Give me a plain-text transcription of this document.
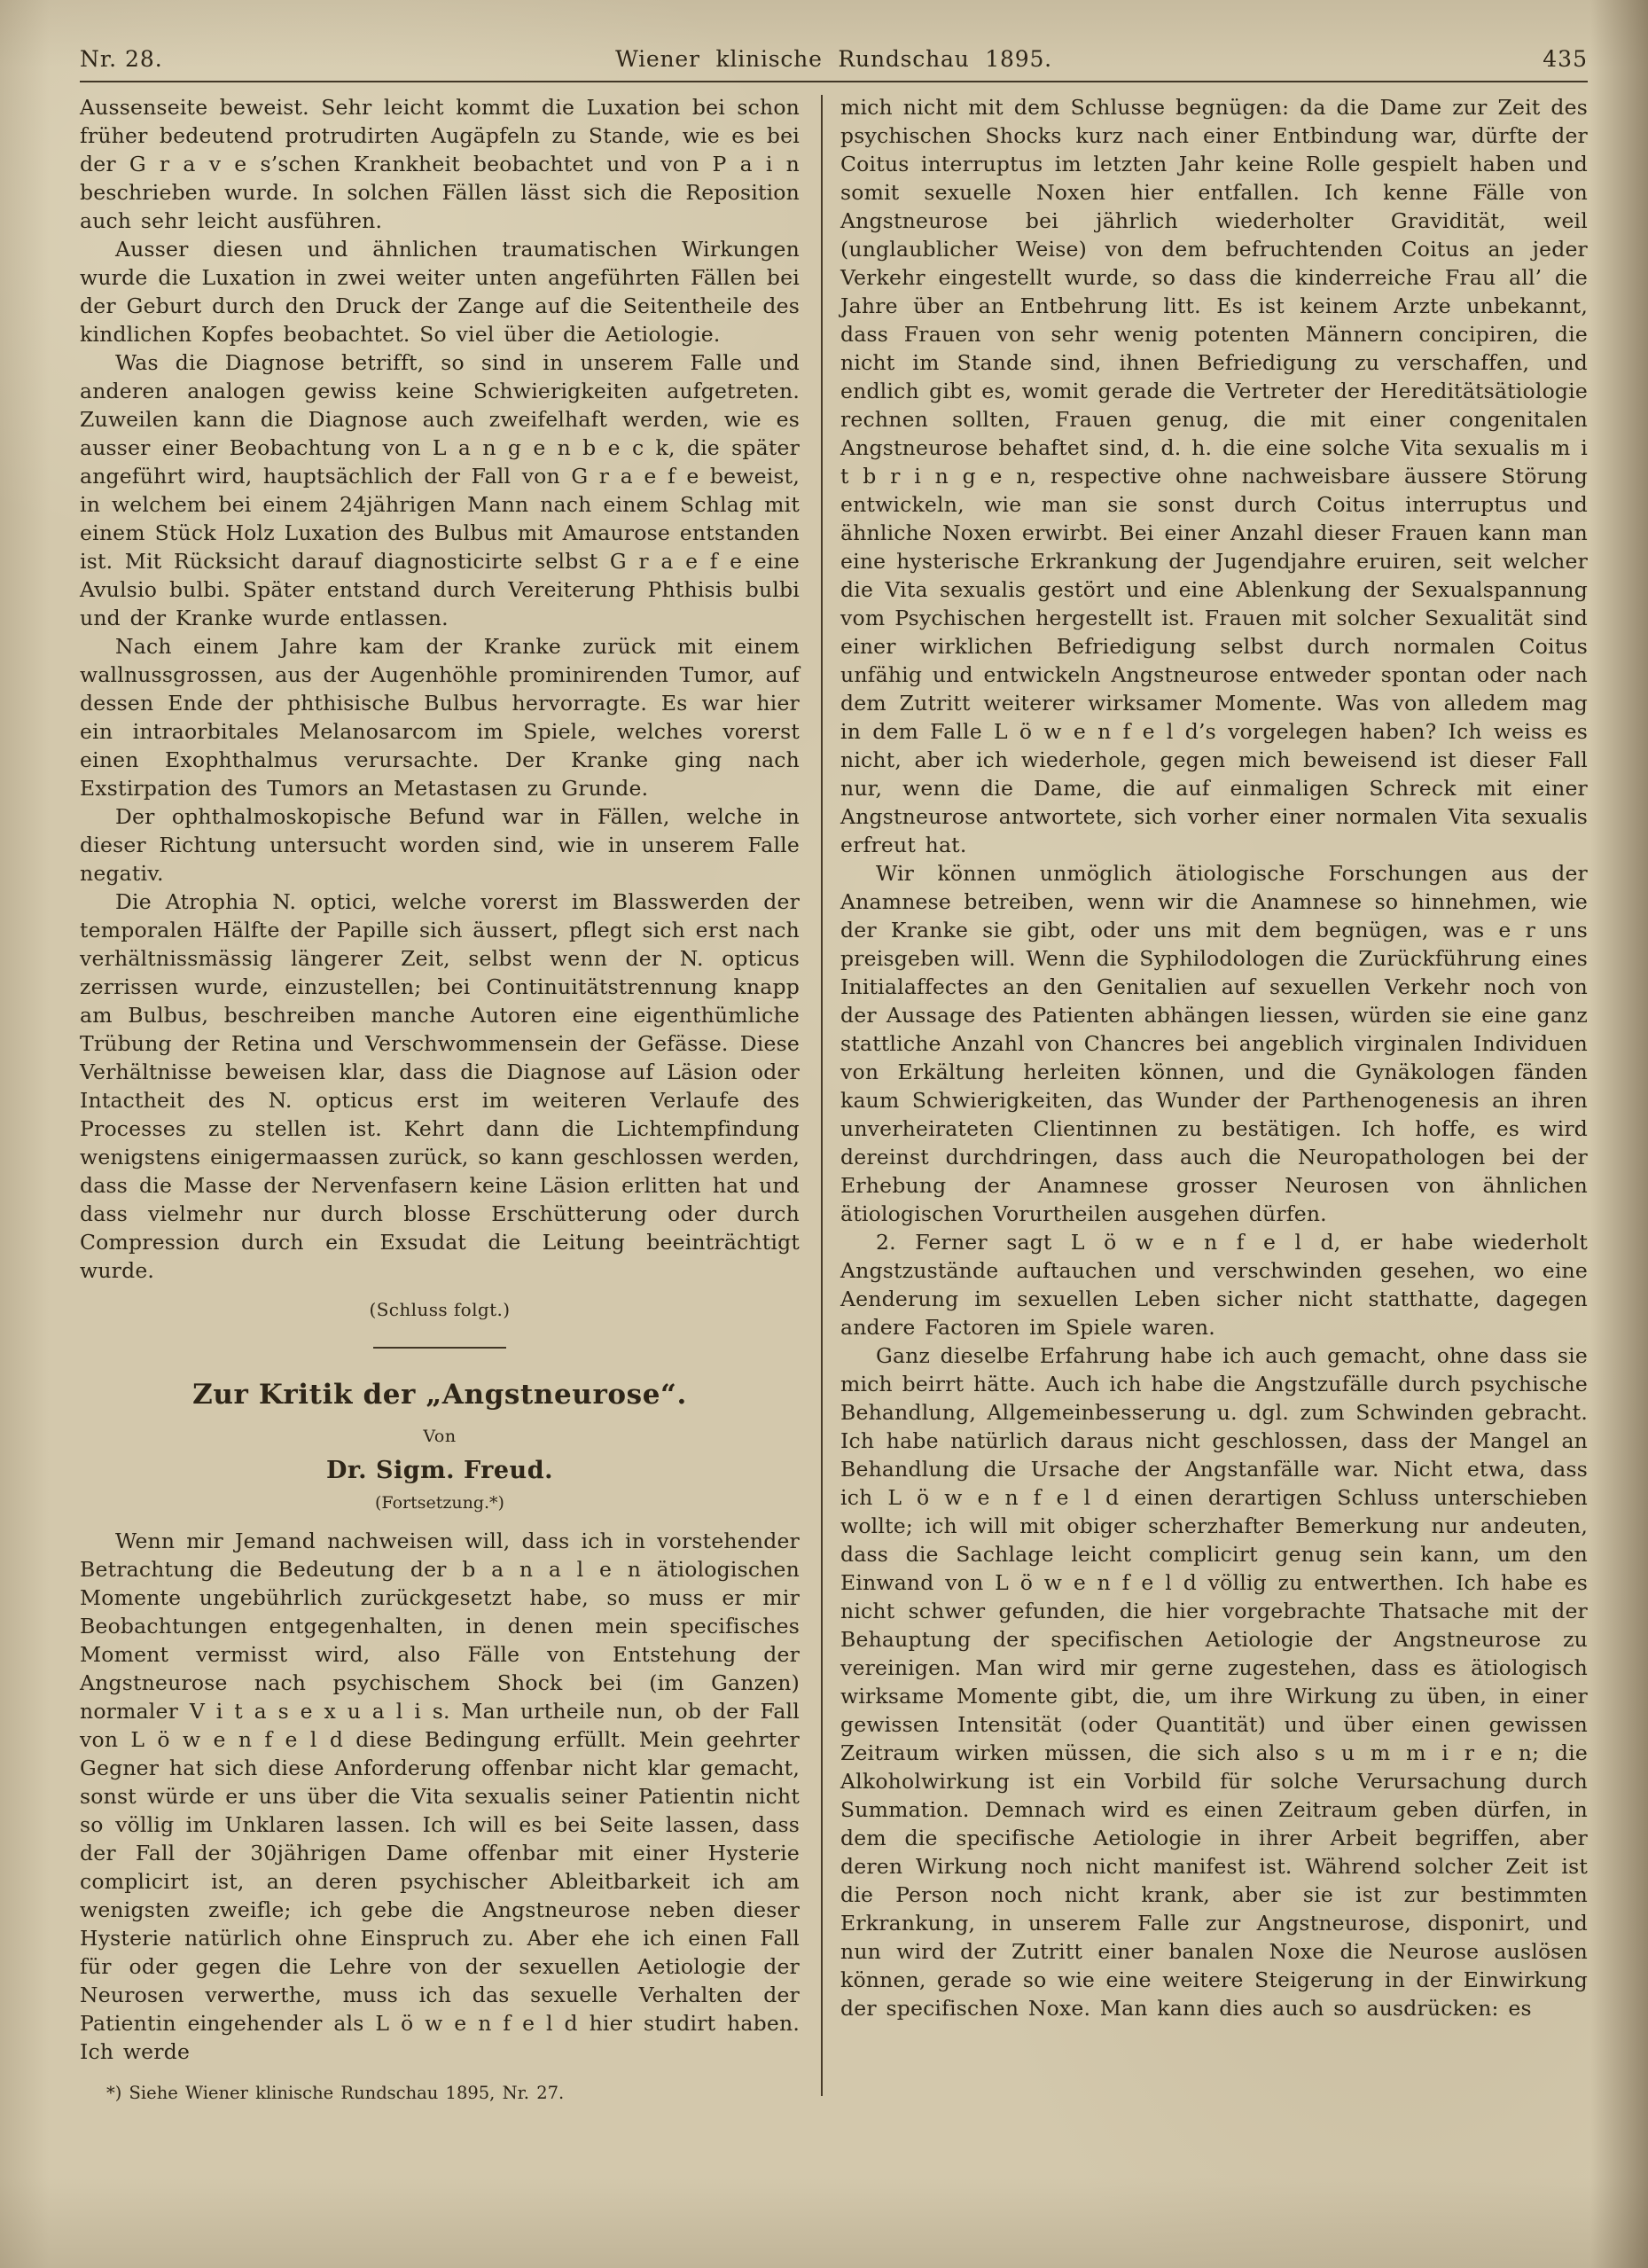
Nr. 28.	Wiener klinische Rundschau 1895.	435

Aussenseite beweist. Sehr leicht kommt die Luxation bei schon früher bedeutend protrudirten Augäpfeln zu Stande, wie es bei der G r a v e s’schen Krankheit beobachtet und von P a i n beschrieben wurde. In solchen Fällen lässt sich die Reposition auch sehr leicht ausführen.

Ausser diesen und ähnlichen traumatischen Wirkungen wurde die Luxation in zwei weiter unten angeführten Fällen bei der Geburt durch den Druck der Zange auf die Seitentheile des kindlichen Kopfes beobachtet. So viel über die Aetiologie.

Was die Diagnose betrifft, so sind in unserem Falle und anderen analogen gewiss keine Schwierigkeiten aufgetreten. Zuweilen kann die Diagnose auch zweifelhaft werden, wie es ausser einer Beobachtung von L a n g e n b e c k, die später angeführt wird, hauptsächlich der Fall von G r a e f e beweist, in welchem bei einem 24jährigen Mann nach einem Schlag mit einem Stück Holz Luxation des Bulbus mit Amaurose entstanden ist. Mit Rücksicht darauf diagnosticirte selbst G r a e f e eine Avulsio bulbi. Später entstand durch Vereiterung Phthisis bulbi und der Kranke wurde entlassen.

Nach einem Jahre kam der Kranke zurück mit einem wallnussgrossen, aus der Augenhöhle prominirenden Tumor, auf dessen Ende der phthisische Bulbus hervorragte. Es war hier ein intraorbitales Melanosarcom im Spiele, welches vorerst einen Exophthalmus verursachte. Der Kranke ging nach Exstirpation des Tumors an Metastasen zu Grunde.

Der ophthalmoskopische Befund war in Fällen, welche in dieser Richtung untersucht worden sind, wie in unserem Falle negativ.

Die Atrophia N. optici, welche vorerst im Blasswerden der temporalen Hälfte der Papille sich äussert, pflegt sich erst nach verhältnissmässig längerer Zeit, selbst wenn der N. opticus zerrissen wurde, einzustellen; bei Continuitätstrennung knapp am Bulbus, beschreiben manche Autoren eine eigenthümliche Trübung der Retina und Verschwommensein der Gefässe. Diese Verhältnisse beweisen klar, dass die Diagnose auf Läsion oder Intactheit des N. opticus erst im weiteren Verlaufe des Processes zu stellen ist. Kehrt dann die Lichtempfindung wenigstens einigermaassen zurück, so kann geschlossen werden, dass die Masse der Nervenfasern keine Läsion erlitten hat und dass vielmehr nur durch blosse Erschütterung oder durch Compression durch ein Exsudat die Leitung beeinträchtigt wurde.

(Schluss folgt.)

Zur Kritik der „Angstneurose“.

Von

Dr. Sigm. Freud.

(Fortsetzung.*)

Wenn mir Jemand nachweisen will, dass ich in vorstehender Betrachtung die Bedeutung der b a n a l e n ätiologischen Momente ungebührlich zurückgesetzt habe, so muss er mir Beobachtungen entgegenhalten, in denen mein specifisches Moment vermisst wird, also Fälle von Entstehung der Angstneurose nach psychischem Shock bei (im Ganzen) normaler V i t a s e x u a l i s. Man urtheile nun, ob der Fall von L ö w e n f e l d diese Bedingung erfüllt. Mein geehrter Gegner hat sich diese Anforderung offenbar nicht klar gemacht, sonst würde er uns über die Vita sexualis seiner Patientin nicht so völlig im Unklaren lassen. Ich will es bei Seite lassen, dass der Fall der 30jährigen Dame offenbar mit einer Hysterie complicirt ist, an deren psychischer Ableitbarkeit ich am wenigsten zweifle; ich gebe die Angstneurose neben dieser Hysterie natürlich ohne Einspruch zu. Aber ehe ich einen Fall für oder gegen die Lehre von der sexuellen Aetiologie der Neurosen verwerthe, muss ich das sexuelle Verhalten der Patientin eingehender als L ö w e n f e l d hier studirt haben. Ich werde

*) Siehe Wiener klinische Rundschau 1895, Nr. 27.

mich nicht mit dem Schlusse begnügen: da die Dame zur Zeit des psychischen Shocks kurz nach einer Entbindung war, dürfte der Coitus interruptus im letzten Jahr keine Rolle gespielt haben und somit sexuelle Noxen hier entfallen. Ich kenne Fälle von Angstneurose bei jährlich wiederholter Gravidität, weil (unglaublicher Weise) von dem befruchtenden Coitus an jeder Verkehr eingestellt wurde, so dass die kinderreiche Frau all’ die Jahre über an Entbehrung litt. Es ist keinem Arzte unbekannt, dass Frauen von sehr wenig potenten Männern concipiren, die nicht im Stande sind, ihnen Befriedigung zu verschaffen, und endlich gibt es, womit gerade die Vertreter der Hereditätsätiologie rechnen sollten, Frauen genug, die mit einer congenitalen Angstneurose behaftet sind, d. h. die eine solche Vita sexualis m i t b r i n g e n, respective ohne nachweisbare äussere Störung entwickeln, wie man sie sonst durch Coitus interruptus und ähnliche Noxen erwirbt. Bei einer Anzahl dieser Frauen kann man eine hysterische Erkrankung der Jugendjahre eruiren, seit welcher die Vita sexualis gestört und eine Ablenkung der Sexualspannung vom Psychischen hergestellt ist. Frauen mit solcher Sexualität sind einer wirklichen Befriedigung selbst durch normalen Coitus unfähig und entwickeln Angstneurose entweder spontan oder nach dem Zutritt weiterer wirksamer Momente. Was von alledem mag in dem Falle L ö w e n f e l d’s vorgelegen haben? Ich weiss es nicht, aber ich wiederhole, gegen mich beweisend ist dieser Fall nur, wenn die Dame, die auf einmaligen Schreck mit einer Angstneurose antwortete, sich vorher einer normalen Vita sexualis erfreut hat.

Wir können unmöglich ätiologische Forschungen aus der Anamnese betreiben, wenn wir die Anamnese so hinnehmen, wie der Kranke sie gibt, oder uns mit dem begnügen, was e r uns preisgeben will. Wenn die Syphilodologen die Zurückführung eines Initialaffectes an den Genitalien auf sexuellen Verkehr noch von der Aussage des Patienten abhängen liessen, würden sie eine ganz stattliche Anzahl von Chancres bei angeblich virginalen Individuen von Erkältung herleiten können, und die Gynäkologen fänden kaum Schwierigkeiten, das Wunder der Parthenogenesis an ihren unverheirateten Clientinnen zu bestätigen. Ich hoffe, es wird dereinst durchdringen, dass auch die Neuropathologen bei der Erhebung der Anamnese grosser Neurosen von ähnlichen ätiologischen Vorurtheilen ausgehen dürfen.

2. Ferner sagt L ö w e n f e l d, er habe wiederholt Angstzustände auftauchen und verschwinden gesehen, wo eine Aenderung im sexuellen Leben sicher nicht statthatte, dagegen andere Factoren im Spiele waren.

Ganz dieselbe Erfahrung habe ich auch gemacht, ohne dass sie mich beirrt hätte. Auch ich habe die Angstzufälle durch psychische Behandlung, Allgemeinbesserung u. dgl. zum Schwinden gebracht. Ich habe natürlich daraus nicht geschlossen, dass der Mangel an Behandlung die Ursache der Angstanfälle war. Nicht etwa, dass ich L ö w e n f e l d einen derartigen Schluss unterschieben wollte; ich will mit obiger scherzhafter Bemerkung nur andeuten, dass die Sachlage leicht complicirt genug sein kann, um den Einwand von L ö w e n f e l d völlig zu entwerthen. Ich habe es nicht schwer gefunden, die hier vorgebrachte Thatsache mit der Behauptung der specifischen Aetiologie der Angstneurose zu vereinigen. Man wird mir gerne zugestehen, dass es ätiologisch wirksame Momente gibt, die, um ihre Wirkung zu üben, in einer gewissen Intensität (oder Quantität) und über einen gewissen Zeitraum wirken müssen, die sich also s u m m i r e n; die Alkoholwirkung ist ein Vorbild für solche Verursachung durch Summation. Demnach wird es einen Zeitraum geben dürfen, in dem die specifische Aetiologie in ihrer Arbeit begriffen, aber deren Wirkung noch nicht manifest ist. Während solcher Zeit ist die Person noch nicht krank, aber sie ist zur bestimmten Erkrankung, in unserem Falle zur Angstneurose, disponirt, und nun wird der Zutritt einer banalen Noxe die Neurose auslösen können, gerade so wie eine weitere Steigerung in der Einwirkung der specifischen Noxe. Man kann dies auch so ausdrücken: es
